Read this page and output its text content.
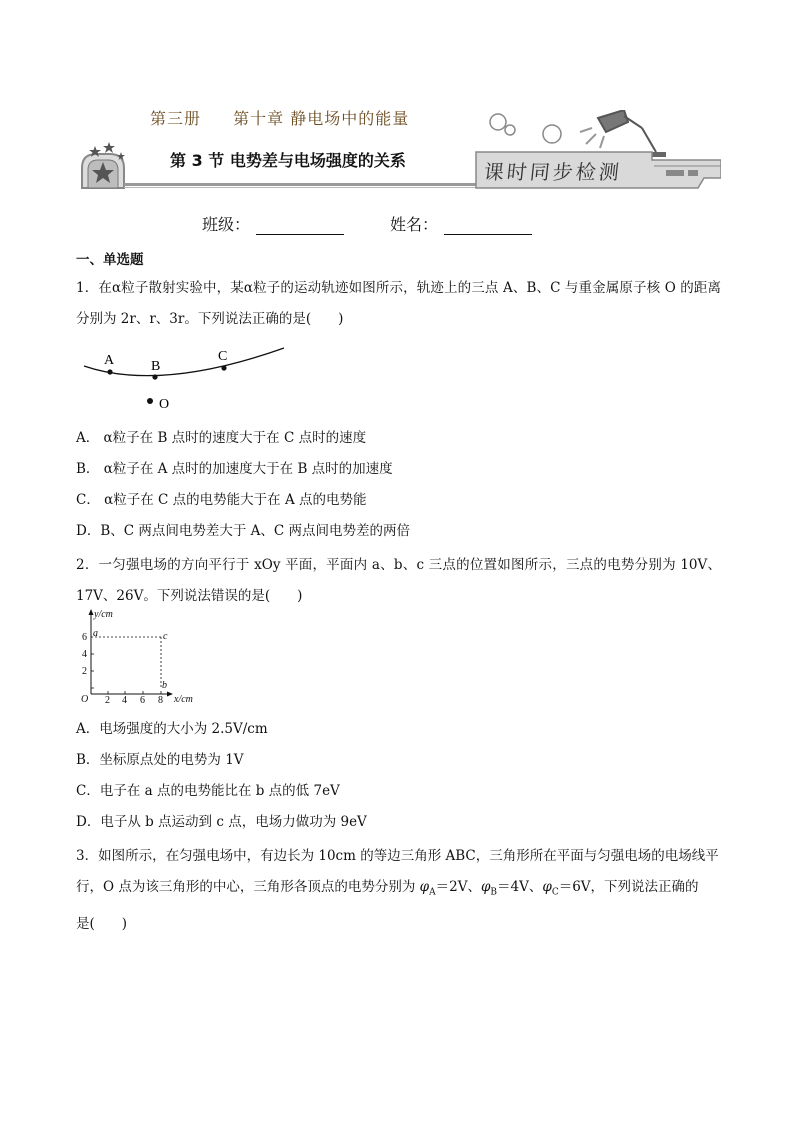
第三册 第十章 静电场中的能量
第 3 节 电势差与电场强度的关系	课时同步检测
班级：	姓名：
一、单选题
1．在α粒子散射实验中，某α粒子的运动轨迹如图所示，轨迹上的三点 A、B、C 与重金属原子核 O 的距离分别为 2r、r、3r。下列说法正确的是(　　)
A	B
C
O
A． α粒子在 B 点时的速度大于在 C 点时的速度
B． α粒子在 A 点时的加速度大于在 B 点时的加速度
C． α粒子在 C 点的电势能大于在 A 点的电势能
D．B、C 两点间电势差大于 A、C 两点间电势差的两倍
2．一匀强电场的方向平行于 xOy 平面，平面内 a、b、c 三点的位置如图所示，三点的电势分别为 10V、17V、26V。下列说法错误的是(　　)
y/cm
x/cm
O
6
4
2
2 4 6 8
a
b
c
A．电场强度的大小为 2.5V/cm
B．坐标原点处的电势为 1V
C．电子在 a 点的电势能比在 b 点的低 7eV
D．电子从 b 点运动到 c 点，电场力做功为 9eV
3．如图所示，在匀强电场中，有边长为 10cm 的等边三角形 ABC，三角形所在平面与匀强电场的电场线平
行，O 点为该三角形的中心，三角形各顶点的电势分别为 $\varphi_A=2V$、$\varphi_B=4V$、$\varphi_C=6V$，下列说法正确的
是(　　)
